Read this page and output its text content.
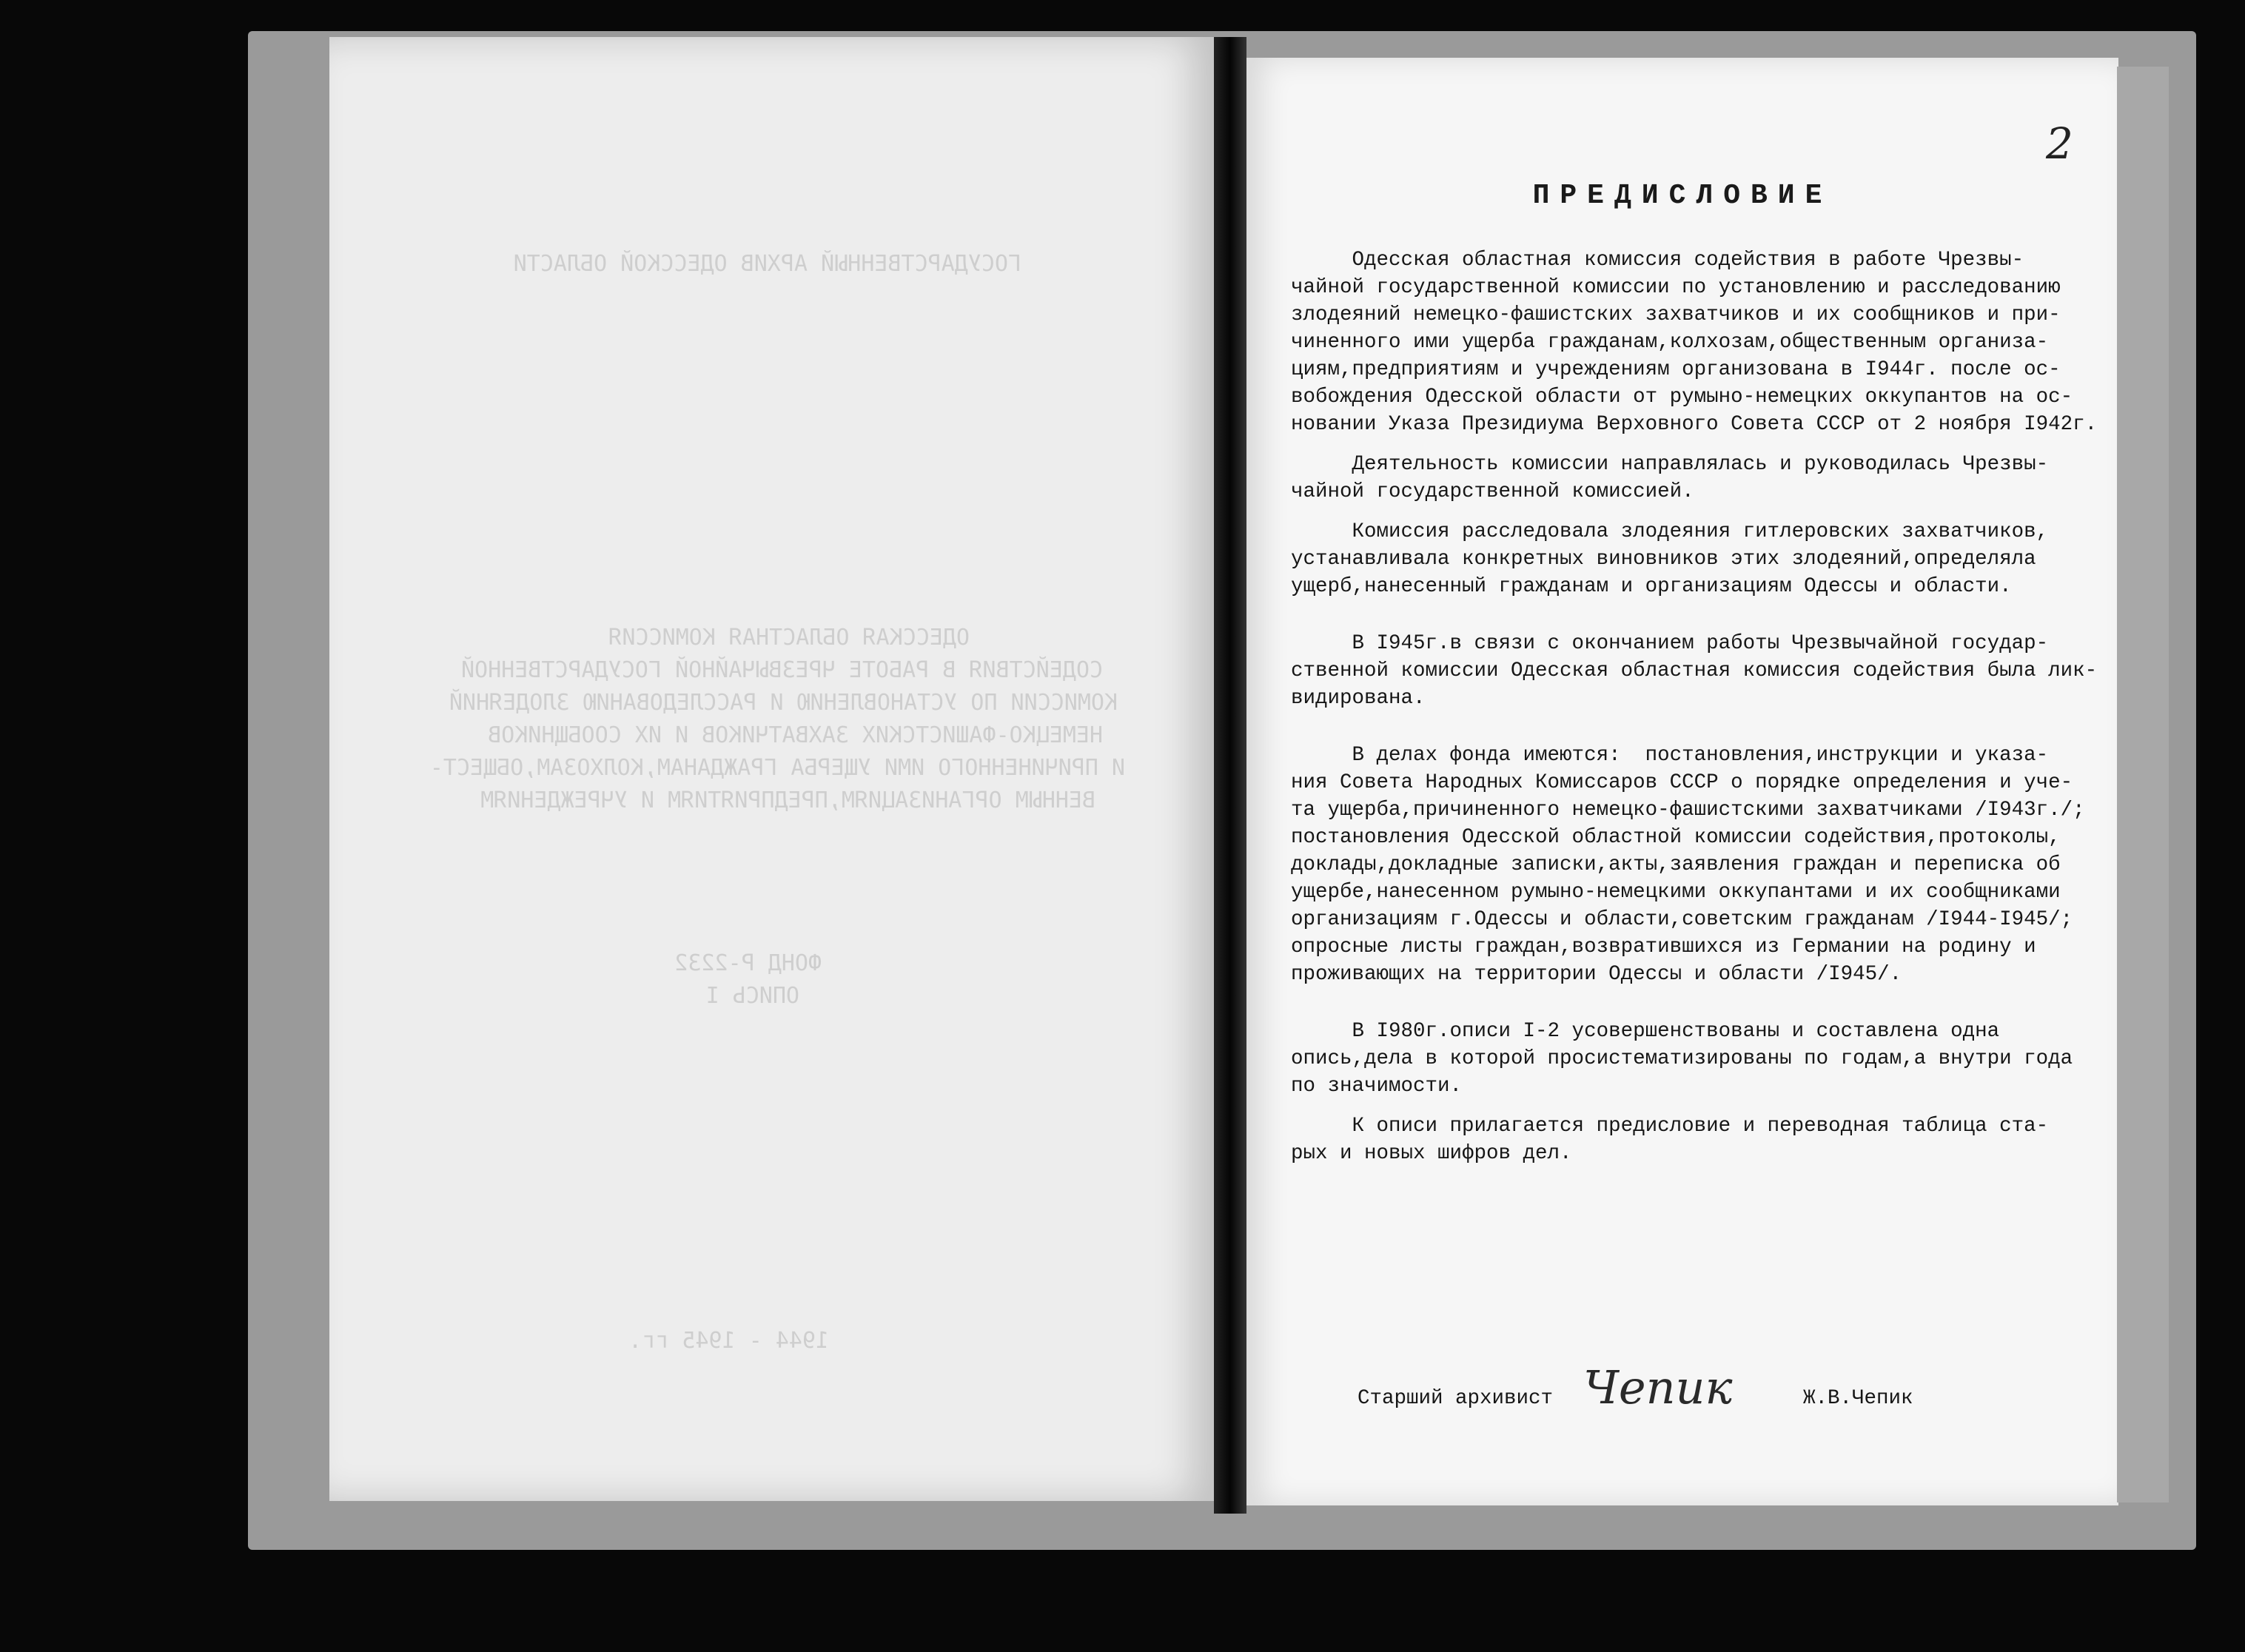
ГОСУДАРСТВЕННЫЙ АРХИВ ОДЕССКОЙ ОБЛАСТИ
ОДЕССКАЯ ОБЛАСТНАЯ КОМИССИЯ
СОДЕЙСТВИЯ В РАБОТЕ ЧРЕЗВЫЧАЙНОЙ ГОСУДАРСТВЕННОЙ
КОМИССИИ ПО УСТАНОВЛЕНИЮ И РАССЛЕДОВАНИЮ ЗЛОДЕЯНИЙ
НЕМЕЦКО-ФАШИСТСКИХ ЗАХВАТЧИКОВ И ИХ СООБЩНИКОВ
И ПРИЧИНЕННОГО ИМИ УЩЕРБА ГРАЖДАНАМ,КОЛХОЗАМ,ОБЩЕСТ-
ВЕННЫМ ОРГАНИЗАЦИЯМ,ПРЕДПРИЯТИЯМ И УЧРЕЖДЕНИЯМ
ФОНД Р-2232
ОПИСЬ I
1944 - 1945 гг.
2
ПРЕДИСЛОВИЕ
Одесская областная комиссия содействия в работе Чрезвы-
чайной государственной комиссии по установлению и расследованию
злодеяний немецко-фашистских захватчиков и их сообщников и при-
чиненного ими ущерба гражданам,колхозам,общественным организа-
циям,предприятиям и учреждениям организована в I944г. после ос-
вобождения Одесской области от румыно-немецких оккупантов на ос-
новании Указа Президиума Верховного Совета СССР от 2 ноября I942г.
Деятельность комиссии направлялась и руководилась Чрезвы-
чайной государственной комиссией.
Комиссия расследовала злодеяния гитлеровских захватчиков,
устанавливала конкретных виновников этих злодеяний,определяла
ущерб,нанесенный гражданам и организациям Одессы и области.
В I945г.в связи с окончанием работы Чрезвычайной государ-
ственной комиссии Одесская областная комиссия содействия была лик-
видирована.
В делах фонда имеются:  постановления,инструкции и указа-
ния Совета Народных Комиссаров СССР о порядке определения и уче-
та ущерба,причиненного немецко-фашистскими захватчиками /I943г./;
постановления Одесской областной комиссии содействия,протоколы,
доклады,докладные записки,акты,заявления граждан и переписка об
ущербе,нанесенном румыно-немецкими оккупантами и их сообщниками
организациям г.Одессы и области,советским гражданам /I944-I945/;
опросные листы граждан,возвратившихся из Германии на родину и
проживающих на территории Одессы и области /I945/.
В I980г.описи I-2 усовершенствованы и составлена одна
опись,дела в которой просистематизированы по годам,а внутри года
по значимости.
К описи прилагается предисловие и переводная таблица ста-
рых и новых шифров дел.
Старший архивист Чепик	Ж.В.Чепик
